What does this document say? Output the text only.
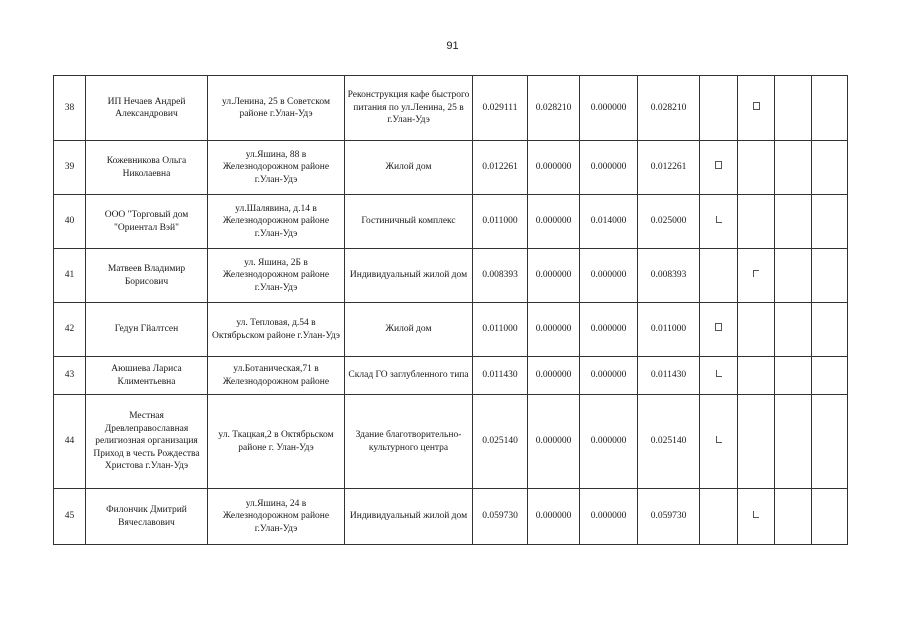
91
38	ИП Нечаев Андрей Александрович	ул.Ленина, 25 в Советском районе г.Улан-Удэ	Реконструкция кафе быстрого питания по ул.Ленина, 25 в г.Улан-Удэ	0.029111	0.028210	0.000000	0.028210				
39	Кожевникова Ольга Николаевна	ул.Яшина, 88 в Железнодорожном районе г.Улан-Удэ	Жилой дом	0.012261	0.000000	0.000000	0.012261				
40	ООО "Торговый дом "Ориентал Вэй"	ул.Шалявина, д.14 в Железнодорожном районе г.Улан-Удэ	Гостиничный комплекс	0.011000	0.000000	0.014000	0.025000				
41	Матвеев Владимир Борисович	ул. Яшина, 2Б в Железнодорожном районе г.Улан-Удэ	Индивидуальный жилой дом	0.008393	0.000000	0.000000	0.008393				
42	Гедун Гйалтсен	ул. Тепловая, д.54 в Октябрьском районе г.Улан-Удэ	Жилой дом	0.011000	0.000000	0.000000	0.011000				
43	Аюшиева Лариса Климентьевна	ул.Ботаническая,71 в Железнодорожном районе	Склад ГО заглубленного типа	0.011430	0.000000	0.000000	0.011430				
44	Местная Древлеправославная религиозная организация Приход в честь Рождества Христова г.Улан-Удэ	ул. Ткацкая,2 в Октябрьском районе г. Улан-Удэ	Здание благотворительно-культурного центра	0.025140	0.000000	0.000000	0.025140				
45	Филончик Дмитрий Вячеславович	ул.Яшина, 24 в Железнодорожном районе г.Улан-Удэ	Индивидуальный жилой дом	0.059730	0.000000	0.000000	0.059730				
